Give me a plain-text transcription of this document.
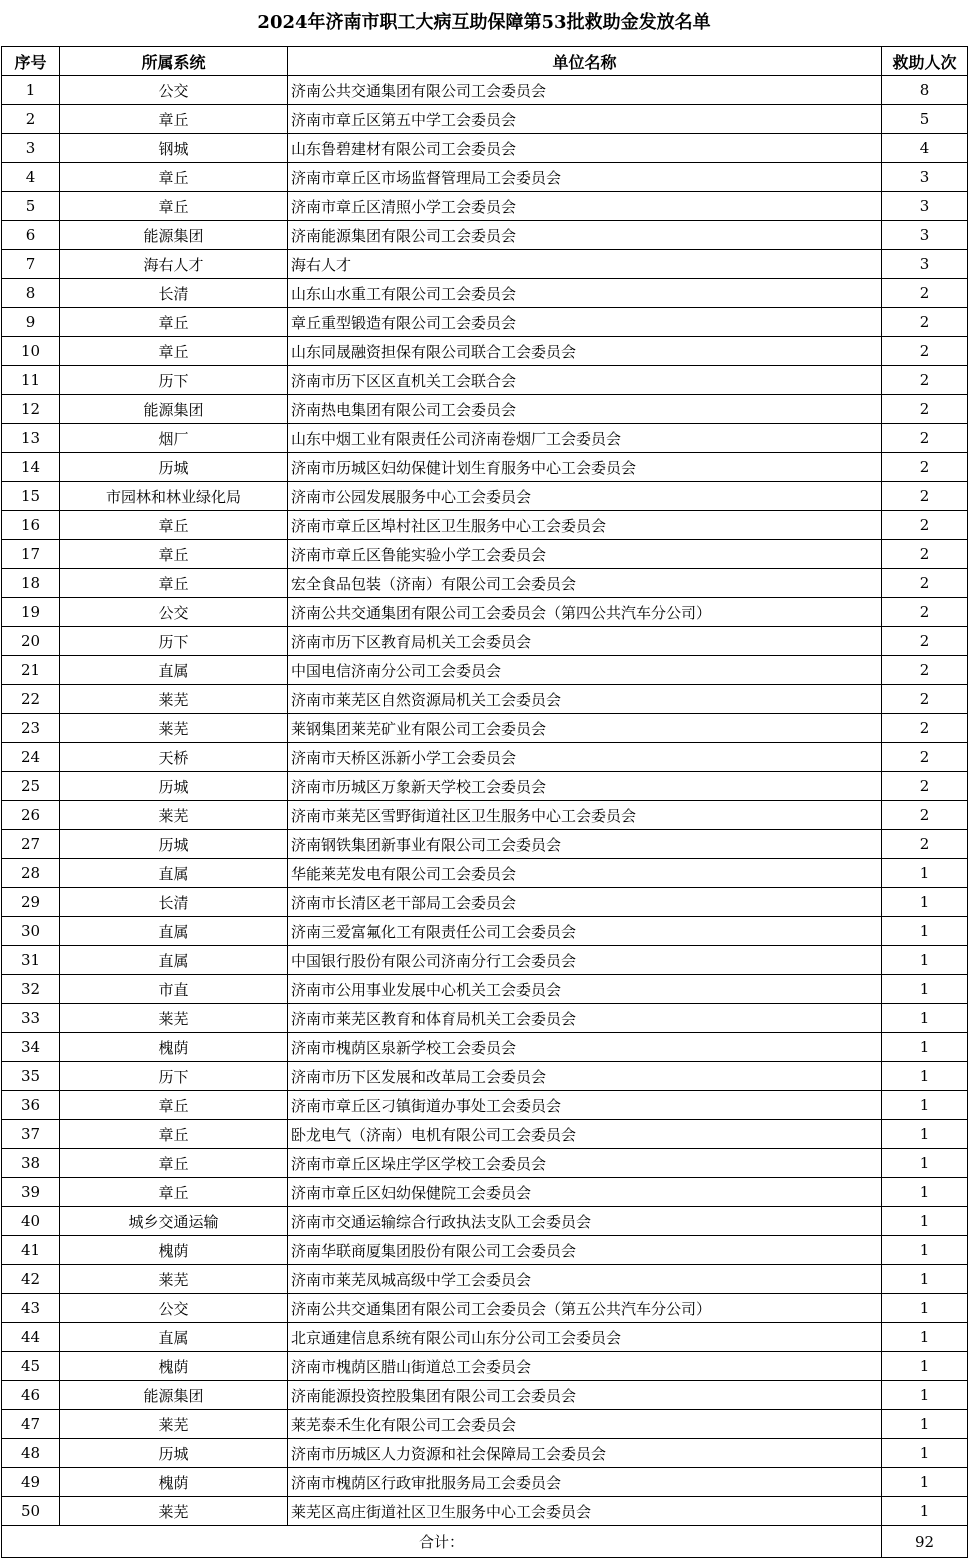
2024年济南市职工大病互助保障第53批救助金发放名单
序号	所属系统	单位名称	救助人次
1	公交	济南公共交通集团有限公司工会委员会	8
2	章丘	济南市章丘区第五中学工会委员会	5
3	钢城	山东鲁碧建材有限公司工会委员会	4
4	章丘	济南市章丘区市场监督管理局工会委员会	3
5	章丘	济南市章丘区清照小学工会委员会	3
6	能源集团	济南能源集团有限公司工会委员会	3
7	海右人才	海右人才	3
8	长清	山东山水重工有限公司工会委员会	2
9	章丘	章丘重型锻造有限公司工会委员会	2
10	章丘	山东同晟融资担保有限公司联合工会委员会	2
11	历下	济南市历下区区直机关工会联合会	2
12	能源集团	济南热电集团有限公司工会委员会	2
13	烟厂	山东中烟工业有限责任公司济南卷烟厂工会委员会	2
14	历城	济南市历城区妇幼保健计划生育服务中心工会委员会	2
15	市园林和林业绿化局	济南市公园发展服务中心工会委员会	2
16	章丘	济南市章丘区埠村社区卫生服务中心工会委员会	2
17	章丘	济南市章丘区鲁能实验小学工会委员会	2
18	章丘	宏全食品包装（济南）有限公司工会委员会	2
19	公交	济南公共交通集团有限公司工会委员会（第四公共汽车分公司）	2
20	历下	济南市历下区教育局机关工会委员会	2
21	直属	中国电信济南分公司工会委员会	2
22	莱芜	济南市莱芜区自然资源局机关工会委员会	2
23	莱芜	莱钢集团莱芜矿业有限公司工会委员会	2
24	天桥	济南市天桥区泺新小学工会委员会	2
25	历城	济南市历城区万象新天学校工会委员会	2
26	莱芜	济南市莱芜区雪野街道社区卫生服务中心工会委员会	2
27	历城	济南钢铁集团新事业有限公司工会委员会	2
28	直属	华能莱芜发电有限公司工会委员会	1
29	长清	济南市长清区老干部局工会委员会	1
30	直属	济南三爱富氟化工有限责任公司工会委员会	1
31	直属	中国银行股份有限公司济南分行工会委员会	1
32	市直	济南市公用事业发展中心机关工会委员会	1
33	莱芜	济南市莱芜区教育和体育局机关工会委员会	1
34	槐荫	济南市槐荫区泉新学校工会委员会	1
35	历下	济南市历下区发展和改革局工会委员会	1
36	章丘	济南市章丘区刁镇街道办事处工会委员会	1
37	章丘	卧龙电气（济南）电机有限公司工会委员会	1
38	章丘	济南市章丘区垛庄学区学校工会委员会	1
39	章丘	济南市章丘区妇幼保健院工会委员会	1
40	城乡交通运输	济南市交通运输综合行政执法支队工会委员会	1
41	槐荫	济南华联商厦集团股份有限公司工会委员会	1
42	莱芜	济南市莱芜凤城高级中学工会委员会	1
43	公交	济南公共交通集团有限公司工会委员会（第五公共汽车分公司）	1
44	直属	北京通建信息系统有限公司山东分公司工会委员会	1
45	槐荫	济南市槐荫区腊山街道总工会委员会	1
46	能源集团	济南能源投资控股集团有限公司工会委员会	1
47	莱芜	莱芜泰禾生化有限公司工会委员会	1
48	历城	济南市历城区人力资源和社会保障局工会委员会	1
49	槐荫	济南市槐荫区行政审批服务局工会委员会	1
50	莱芜	莱芜区高庄街道社区卫生服务中心工会委员会	1
合计：			92
